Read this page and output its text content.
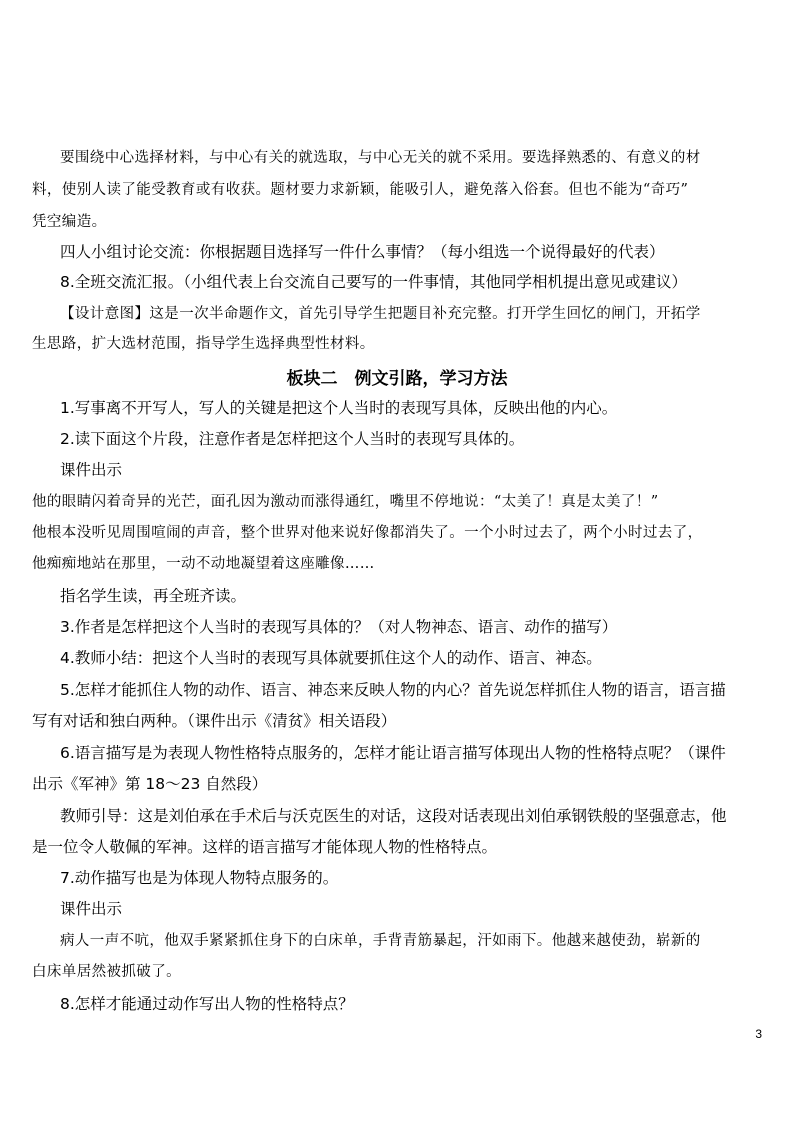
要围绕中心选择材料，与中心有关的就选取，与中心无关的就不采用。要选择熟悉的、有意义的材
料，使别人读了能受教育或有收获。题材要力求新颖，能吸引人，避免落入俗套。但也不能为“奇巧”
凭空编造。
四人小组讨论交流：你根据题目选择写一件什么事情？（每小组选一个说得最好的代表）
8.全班交流汇报。（小组代表上台交流自己要写的一件事情，其他同学相机提出意见或建议）
【设计意图】这是一次半命题作文，首先引导学生把题目补充完整。打开学生回忆的闸门，开拓学
生思路，扩大选材范围，指导学生选择典型性材料。
板块二　例文引路，学习方法
1.写事离不开写人，写人的关键是把这个人当时的表现写具体，反映出他的内心。
2.读下面这个片段，注意作者是怎样把这个人当时的表现写具体的。
课件出示
他的眼睛闪着奇异的光芒，面孔因为激动而涨得通红，嘴里不停地说：“太美了！真是太美了！”
他根本没听见周围喧闹的声音，整个世界对他来说好像都消失了。一个小时过去了，两个小时过去了，
他痴痴地站在那里，一动不动地凝望着这座雕像……
指名学生读，再全班齐读。
3.作者是怎样把这个人当时的表现写具体的？（对人物神态、语言、动作的描写）
4.教师小结：把这个人当时的表现写具体就要抓住这个人的动作、语言、神态。
5.怎样才能抓住人物的动作、语言、神态来反映人物的内心？首先说怎样抓住人物的语言，语言描
写有对话和独白两种。（课件出示《清贫》相关语段）
6.语言描写是为表现人物性格特点服务的，怎样才能让语言描写体现出人物的性格特点呢？（课件
出示《军神》第 18～23 自然段）
教师引导：这是刘伯承在手术后与沃克医生的对话，这段对话表现出刘伯承钢铁般的坚强意志，他
是一位令人敬佩的军神。这样的语言描写才能体现人物的性格特点。
7.动作描写也是为体现人物特点服务的。
课件出示
病人一声不吭，他双手紧紧抓住身下的白床单，手背青筋暴起，汗如雨下。他越来越使劲，崭新的
白床单居然被抓破了。
8.怎样才能通过动作写出人物的性格特点？
3
